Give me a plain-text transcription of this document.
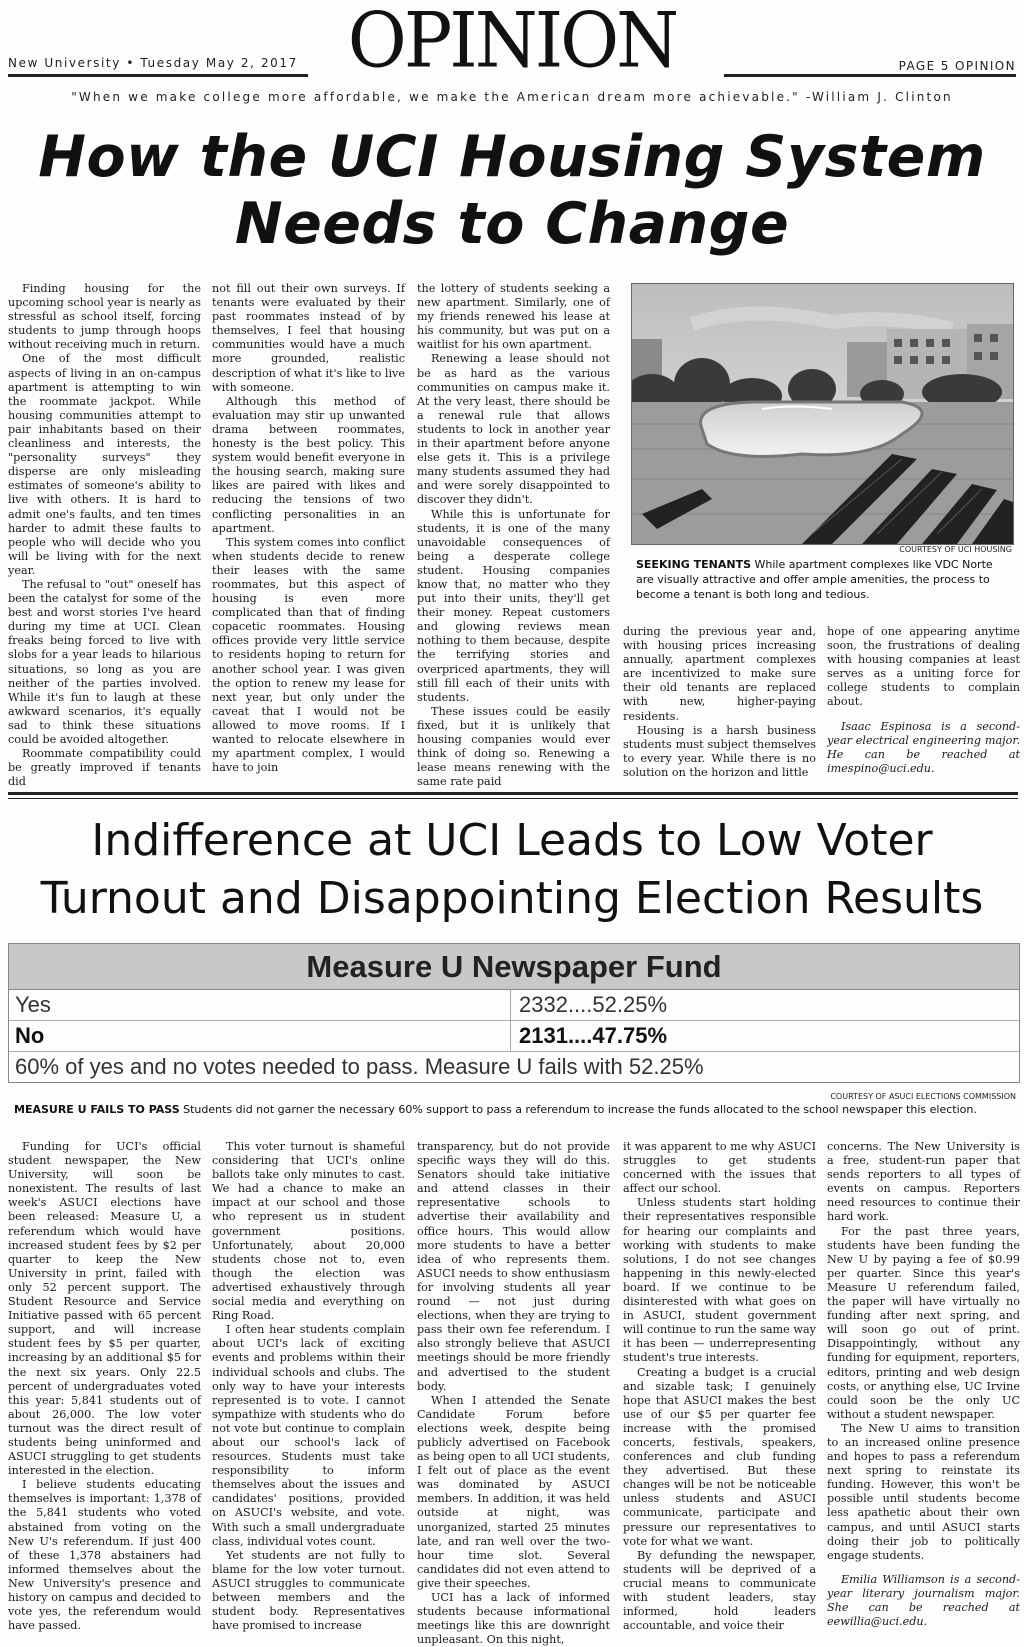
New University • Tuesday May 2, 2017 OPINION	PAGE 5 OPINION
"When we make college more affordable, we make the American dream more achievable." -William J. Clinton
How the UCI Housing System
Needs to Change

Finding housing for the upcoming school year is nearly as stressful as school itself, forcing students to jump through hoops without receiving much in return.

One of the most difficult aspects of living in an on-campus apartment is attempting to win the roommate jackpot. While housing communities attempt to pair inhabitants based on their cleanliness and interests, the "personality surveys" they disperse are only misleading estimates of someone's ability to live with others. It is hard to admit one's faults, and ten times harder to admit these faults to people who will decide who you will be living with for the next year.

The refusal to "out" oneself has been the catalyst for some of the best and worst stories I've heard during my time at UCI. Clean freaks being forced to live with slobs for a year leads to hilarious situations, so long as you are neither of the parties involved. While it's fun to laugh at these awkward scenarios, it's equally sad to think these situations could be avoided altogether.

Roommate compatibility could be greatly improved if tenants did

not fill out their own surveys. If tenants were evaluated by their past roommates instead of by themselves, I feel that housing communities would have a much more grounded, realistic description of what it's like to live with someone.

Although this method of evaluation may stir up unwanted drama between roommates, honesty is the best policy. This system would benefit everyone in the housing search, making sure likes are paired with likes and reducing the tensions of two conflicting personalities in an apartment.

This system comes into conflict when students decide to renew their leases with the same roommates, but this aspect of housing is even more complicated than that of finding copacetic roommates. Housing offices provide very little service to residents hoping to return for another school year. I was given the option to renew my lease for next year, but only under the caveat that I would not be allowed to move rooms. If I wanted to relocate elsewhere in my apartment complex, I would have to join

the lottery of students seeking a new apartment. Similarly, one of my friends renewed his lease at his community, but was put on a waitlist for his own apartment.

Renewing a lease should not be as hard as the various communities on campus make it. At the very least, there should be a renewal rule that allows students to lock in another year in their apartment before anyone else gets it. This is a privilege many students assumed they had and were sorely disappointed to discover they didn't.

While this is unfortunate for students, it is one of the many unavoidable consequences of being a desperate college student. Housing companies know that, no matter who they put into their units, they'll get their money. Repeat customers and glowing reviews mean nothing to them because, despite the terrifying stories and overpriced apartments, they will still fill each of their units with students.

These issues could be easily fixed, but it is unlikely that housing companies would ever think of doing so. Renewing a lease means renewing with the same rate paid

COURTESY OF UCI HOUSING
SEEKING TENANTS While apartment complexes like VDC Norte are visually attractive and offer ample amenities, the process to become a tenant is both long and tedious.

during the previous year and, with housing prices increasing annually, apartment complexes are incentivized to make sure their old tenants are replaced with new, higher-paying residents.

Housing is a harsh business students must subject themselves to every year. While there is no solution on the horizon and little

hope of one appearing anytime soon, the frustrations of dealing with housing companies at least serves as a uniting force for college students to complain about.

Isaac Espinosa is a second-year electrical engineering major. He can be reached at imespino@uci.edu.

Indifference at UCI Leads to Low Voter
Turnout and Disappointing Election Results
Measure U Newspaper Fund
Yes	2332....52.25%
No	2131....47.75%
60% of yes and no votes needed to pass. Measure U fails with 52.25%
COURTESY OF ASUCI ELECTIONS COMMISSION
MEASURE U FAILS TO PASS Students did not garner the necessary 60% support to pass a referendum to increase the funds allocated to the school newspaper this election.

Funding for UCI's official student newspaper, the New University, will soon be nonexistent. The results of last week's ASUCI elections have been released: Measure U, a referendum which would have increased student fees by $2 per quarter to keep the New University in print, failed with only 52 percent support. The Student Resource and Service Initiative passed with 65 percent support, and will increase student fees by $5 per quarter, increasing by an additional $5 for the next six years. Only 22.5 percent of undergraduates voted this year: 5,841 students out of about 26,000. The low voter turnout was the direct result of students being uninformed and ASUCI struggling to get students interested in the election.

I believe students educating themselves is important: 1,378 of the 5,841 students who voted abstained from voting on the New U's referendum. If just 400 of these 1,378 abstainers had informed themselves about the New University's presence and history on campus and decided to vote yes, the referendum would have passed.

This voter turnout is shameful considering that UCI's online ballots take only minutes to cast. We had a chance to make an impact at our school and those who represent us in student government positions. Unfortunately, about 20,000 students chose not to, even though the election was advertised exhaustively through social media and everything on Ring Road.

I often hear students complain about UCI's lack of exciting events and problems within their individual schools and clubs. The only way to have your interests represented is to vote. I cannot sympathize with students who do not vote but continue to complain about our school's lack of resources. Students must take responsibility to inform themselves about the issues and candidates' positions, provided on ASUCI's website, and vote. With such a small undergraduate class, individual votes count.

Yet students are not fully to blame for the low voter turnout. ASUCI struggles to communicate between members and the student body. Representatives have promised to increase

transparency, but do not provide specific ways they will do this. Senators should take initiative and attend classes in their representative schools to advertise their availability and office hours. This would allow more students to have a better idea of who represents them. ASUCI needs to show enthusiasm for involving students all year round — not just during elections, when they are trying to pass their own fee referendum. I also strongly believe that ASUCI meetings should be more friendly and advertised to the student body.

When I attended the Senate Candidate Forum before elections week, despite being publicly advertised on Facebook as being open to all UCI students, I felt out of place as the event was dominated by ASUCI members. In addition, it was held outside at night, was unorganized, started 25 minutes late, and ran well over the two-hour time slot. Several candidates did not even attend to give their speeches.

UCI has a lack of informed students because informational meetings like this are downright unpleasant. On this night,

it was apparent to me why ASUCI struggles to get students concerned with the issues that affect our school.

Unless students start holding their representatives responsible for hearing our complaints and working with students to make solutions, I do not see changes happening in this newly-elected board. If we continue to be disinterested with what goes on in ASUCI, student government will continue to run the same way it has been — underrepresenting student's true interests.

Creating a budget is a crucial and sizable task; I genuinely hope that ASUCI makes the best use of our $5 per quarter fee increase with the promised concerts, festivals, speakers, conferences and club funding they advertised. But these changes will be not be noticeable unless students and ASUCI communicate, participate and pressure our representatives to vote for what we want.

By defunding the newspaper, students will be deprived of a crucial means to communicate with student leaders, stay informed, hold leaders accountable, and voice their

concerns. The New University is a free, student-run paper that sends reporters to all types of events on campus. Reporters need resources to continue their hard work.

For the past three years, students have been funding the New U by paying a fee of $0.99 per quarter. Since this year's Measure U referendum failed, the paper will have virtually no funding after next spring, and will soon go out of print. Disappointingly, without any funding for equipment, reporters, editors, printing and web design costs, or anything else, UC Irvine could soon be the only UC without a student newspaper.

The New U aims to transition to an increased online presence and hopes to pass a referendum next spring to reinstate its funding. However, this won't be possible until students become less apathetic about their own campus, and until ASUCI starts doing their job to politically engage students.

Emilia Williamson is a second-year literary journalism major. She can be reached at eewillia@uci.edu.
